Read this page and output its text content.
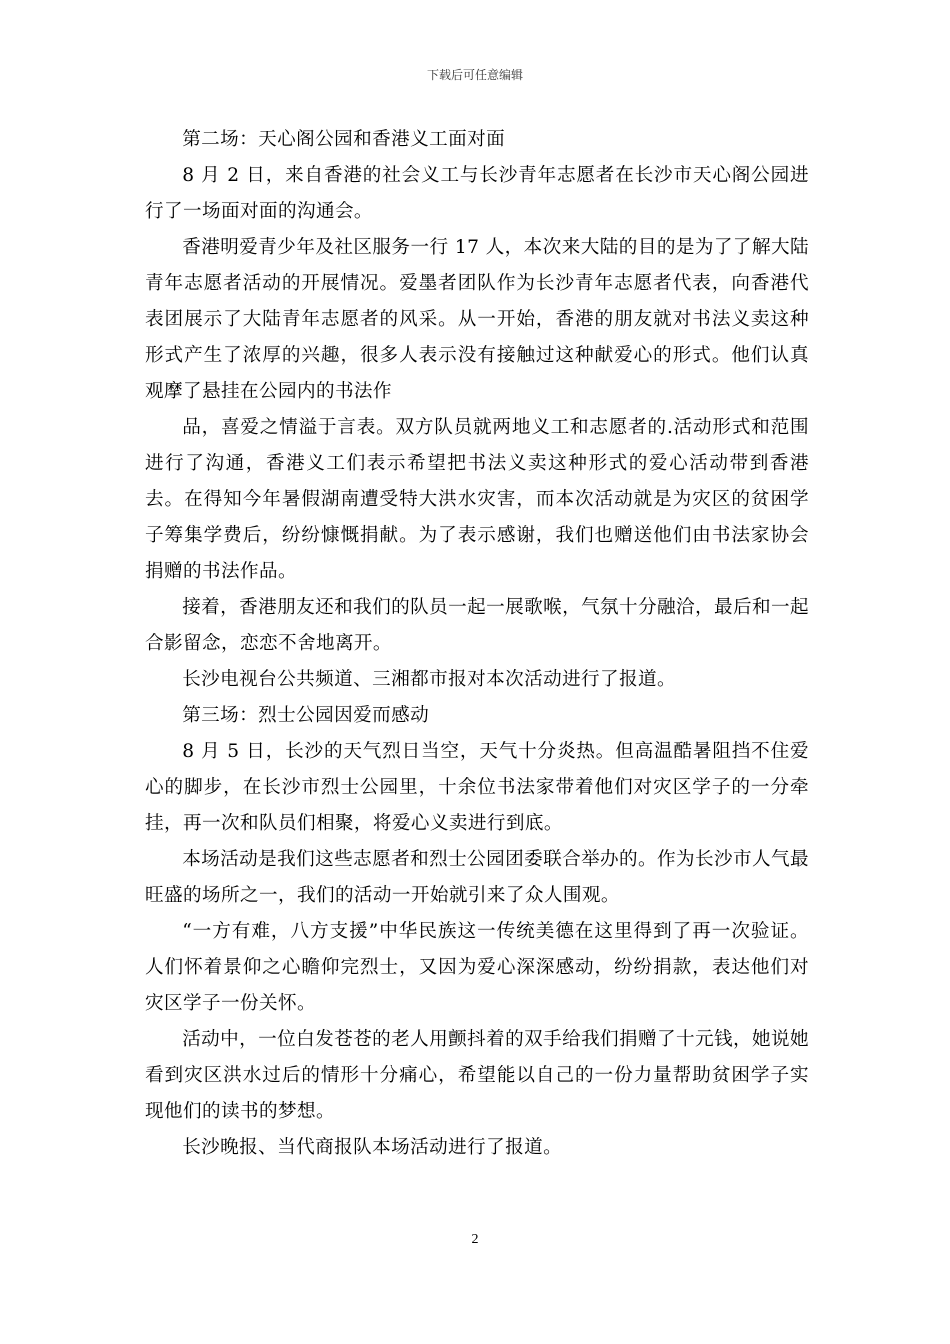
下载后可任意编辑

第二场：天心阁公园和香港义工面对面

8 月 2 日，来自香港的社会义工与长沙青年志愿者在长沙市天心阁公园进行了一场面对面的沟通会。

香港明爱青少年及社区服务一行 17 人，本次来大陆的目的是为了了解大陆青年志愿者活动的开展情况。爱墨者团队作为长沙青年志愿者代表，向香港代表团展示了大陆青年志愿者的风采。从一开始，香港的朋友就对书法义卖这种形式产生了浓厚的兴趣，很多人表示没有接触过这种献爱心的形式。他们认真观摩了悬挂在公园内的书法作

品，喜爱之情溢于言表。双方队员就两地义工和志愿者的.活动形式和范围进行了沟通，香港义工们表示希望把书法义卖这种形式的爱心活动带到香港去。在得知今年暑假湖南遭受特大洪水灾害，而本次活动就是为灾区的贫困学子筹集学费后，纷纷慷慨捐献。为了表示感谢，我们也赠送他们由书法家协会捐赠的书法作品。

接着，香港朋友还和我们的队员一起一展歌喉，气氛十分融洽，最后和一起合影留念，恋恋不舍地离开。

长沙电视台公共频道、三湘都市报对本次活动进行了报道。

第三场：烈士公园因爱而感动

8 月 5 日，长沙的天气烈日当空，天气十分炎热。但高温酷暑阻挡不住爱心的脚步，在长沙市烈士公园里，十余位书法家带着他们对灾区学子的一分牵挂，再一次和队员们相聚，将爱心义卖进行到底。

本场活动是我们这些志愿者和烈士公园团委联合举办的。作为长沙市人气最旺盛的场所之一，我们的活动一开始就引来了众人围观。

“一方有难，八方支援”中华民族这一传统美德在这里得到了再一次验证。人们怀着景仰之心瞻仰完烈士，又因为爱心深深感动，纷纷捐款，表达他们对灾区学子一份关怀。

活动中，一位白发苍苍的老人用颤抖着的双手给我们捐赠了十元钱，她说她看到灾区洪水过后的情形十分痛心，希望能以自己的一份力量帮助贫困学子实现他们的读书的梦想。

长沙晚报、当代商报队本场活动进行了报道。

2
